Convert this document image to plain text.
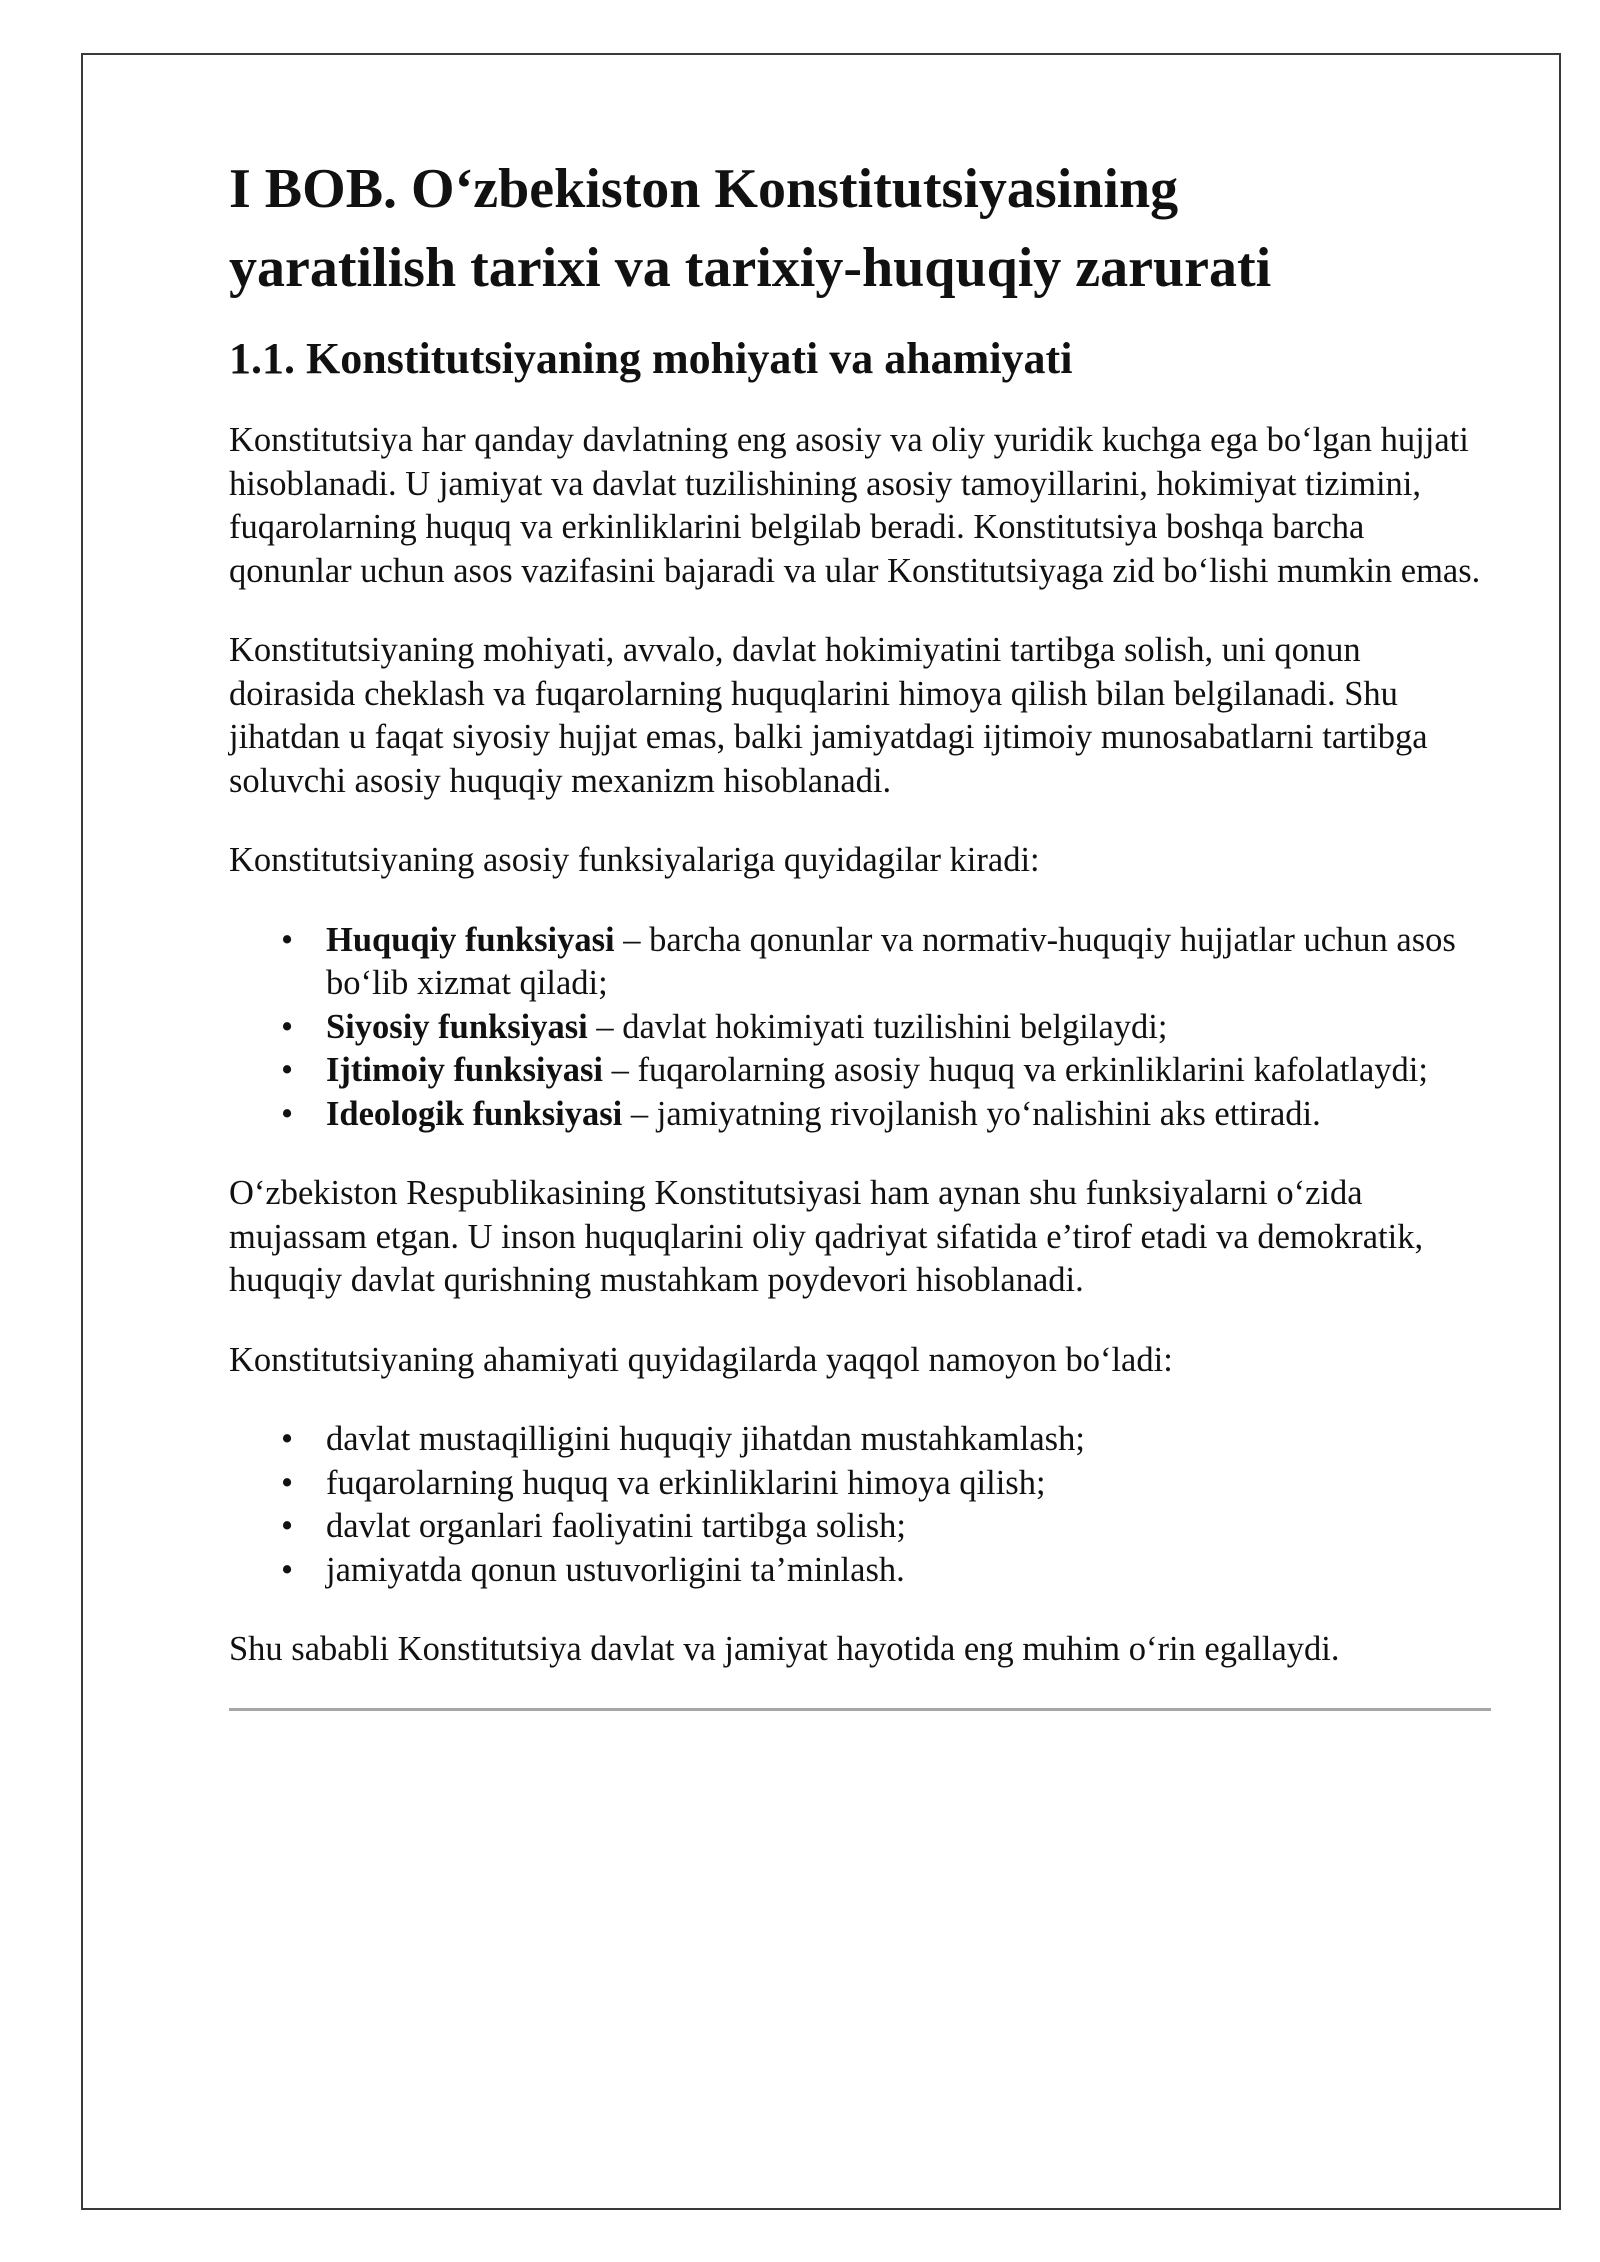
I BOB. O‘zbekiston Konstitutsiyasining
yaratilish tarixi va tarixiy-huquqiy zarurati
1.1. Konstitutsiyaning mohiyati va ahamiyati

Konstitutsiya har qanday davlatning eng asosiy va oliy yuridik kuchga ega bo‘lgan hujjati hisoblanadi. U jamiyat va davlat tuzilishining asosiy tamoyillarini, hokimiyat tizimini, fuqarolarning huquq va erkinliklarini belgilab beradi. Konstitutsiya boshqa barcha qonunlar uchun asos vazifasini bajaradi va ular Konstitutsiyaga zid bo‘lishi mumkin emas.

Konstitutsiyaning mohiyati, avvalo, davlat hokimiyatini tartibga solish, uni qonun doirasida cheklash va fuqarolarning huquqlarini himoya qilish bilan belgilanadi. Shu jihatdan u faqat siyosiy hujjat emas, balki jamiyatdagi ijtimoiy munosabatlarni tartibga soluvchi asosiy huquqiy mexanizm hisoblanadi.

Konstitutsiyaning asosiy funksiyalariga quyidagilar kiradi:

• Huquqiy funksiyasi – barcha qonunlar va normativ-huquqiy hujjatlar uchun asos bo‘lib xizmat qiladi;
• Siyosiy funksiyasi – davlat hokimiyati tuzilishini belgilaydi;
• Ijtimoiy funksiyasi – fuqarolarning asosiy huquq va erkinliklarini kafolatlaydi;
• Ideologik funksiyasi – jamiyatning rivojlanish yo‘nalishini aks ettiradi.

O‘zbekiston Respublikasining Konstitutsiyasi ham aynan shu funksiyalarni o‘zida mujassam etgan. U inson huquqlarini oliy qadriyat sifatida e’tirof etadi va demokratik, huquqiy davlat qurishning mustahkam poydevori hisoblanadi.

Konstitutsiyaning ahamiyati quyidagilarda yaqqol namoyon bo‘ladi:

• davlat mustaqilligini huquqiy jihatdan mustahkamlash;
• fuqarolarning huquq va erkinliklarini himoya qilish;
• davlat organlari faoliyatini tartibga solish;
• jamiyatda qonun ustuvorligini ta’minlash.

Shu sababli Konstitutsiya davlat va jamiyat hayotida eng muhim o‘rin egallaydi.
